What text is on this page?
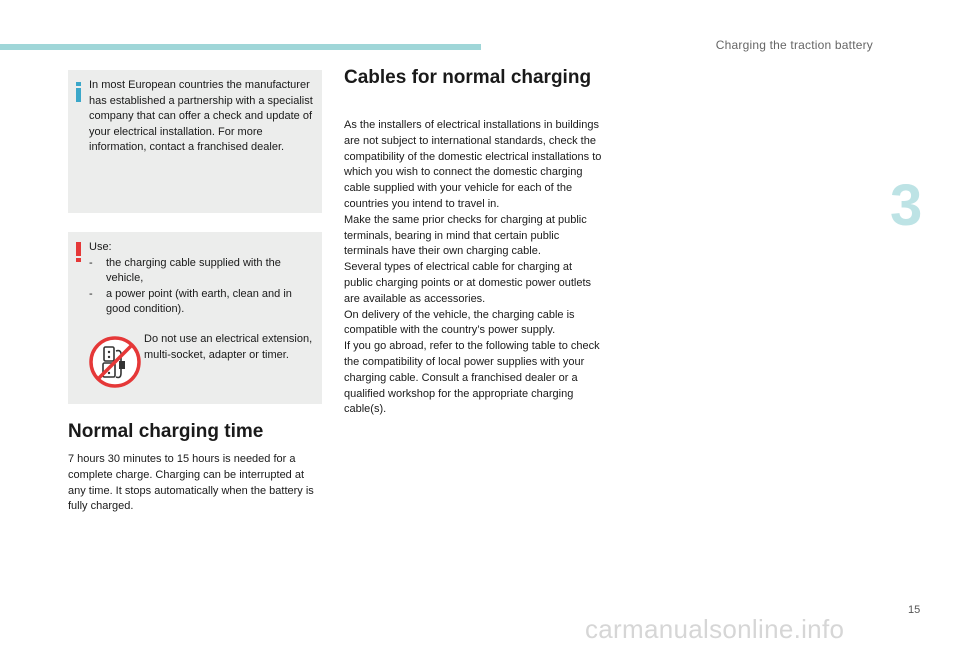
Charging the traction battery
3
In most European countries the manufacturer has established a partnership with a specialist company that can offer a check and update of your electrical installation. For more information, contact a franchised dealer.
Use:
- the charging cable supplied with the vehicle,
- a power point (with earth, clean and in good condition).
Do not use an electrical extension, multi-socket, adapter or timer.
Normal charging time
7 hours 30 minutes to 15 hours is needed for a complete charge. Charging can be interrupted at any time. It stops automatically when the battery is fully charged.
Cables for normal charging

As the installers of electrical installations in buildings are not subject to international standards, check the compatibility of the domestic electrical installations to which you wish to connect the domestic charging cable supplied with your vehicle for each of the countries you intend to travel in.

Make the same prior checks for charging at public terminals, bearing in mind that certain public terminals have their own charging cable.

Several types of electrical cable for charging at public charging points or at domestic power outlets are available as accessories.

On delivery of the vehicle, the charging cable is compatible with the country’s power supply.

If you go abroad, refer to the following table to check the compatibility of local power supplies with your charging cable. Consult a franchised dealer or a qualified workshop for the appropriate charging cable(s).

15
carmanualsonline.info
